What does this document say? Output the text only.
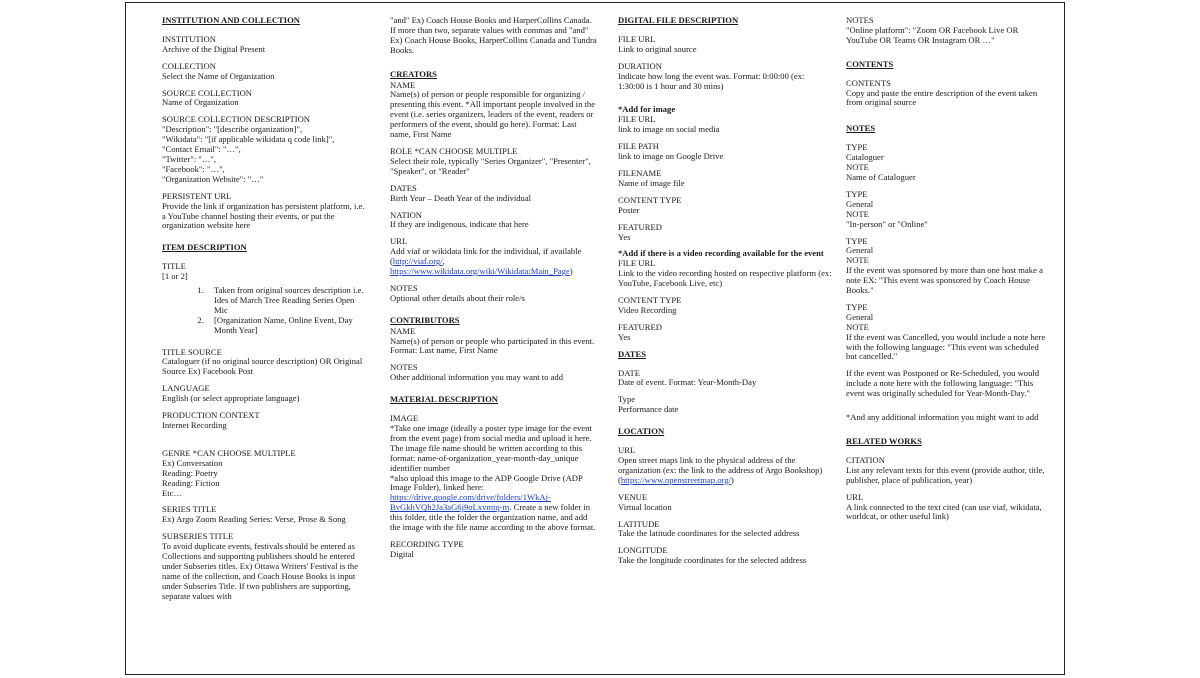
INSTITUTION AND COLLECTION
INSTITUTION
Archive of the Digital Present
COLLECTION
Select the Name of Organization
SOURCE COLLECTION
Name of Organization
SOURCE COLLECTION DESCRIPTION
"Description": "[describe organization]",
"Wikidata": "[if applicable wikidata q code link]",
"Contact Email": "…",
"Twitter": "…",
"Facebook": "…",
"Organization Website": "…"
PERSISTENT URL
Provide the link if organization has persistent platform, i.e. a YouTube channel hosting their events, or put the organization website here
ITEM DESCRIPTION
TITLE
[1 or 2]
1. Taken from original sources description i.e. Ides of March Tree Reading Series Open Mic
2. [Organization Name, Online Event, Day Month Year]
TITLE SOURCE
Cataloguer (if no original source description) OR Original Source Ex) Facebook Post
LANGUAGE
English (or select appropriate language)
PRODUCTION CONTEXT
Internet Recording
GENRE *CAN CHOOSE MULTIPLE
Ex) Conversation
Reading: Poetry
Reading: Fiction
Etc…
SERIES TITLE
Ex) Argo Zoom Reading Series: Verse, Prose & Song
SUBSERIES TITLE
To avoid duplicate events, festivals should be entered as Collections and supporting publishers should be entered under Subseries titles. Ex) Ottawa Writers' Festival is the name of the collection, and Coach House Books is input under Subseries Title. If two publishers are supporting, separate values with
"and" Ex) Coach House Books and HarperCollins Canada. If more than two, separate values with commas and "and" Ex) Coach House Books, HarperCollins Canada and Tundra Books.
CREATORS
NAME
Name(s) of person or people responsible for organizing / presenting this event. *All important people involved in the event (i.e. series organizers, leaders of the event, readers or performers of the event, should go here). Format: Last name, First Name
ROLE *CAN CHOOSE MULTIPLE
Select their role, typically "Series Organizer", "Presenter", "Speaker", or "Reader"
DATES
Birth Year – Death Year of the individual
NATION
If they are indigenous, indicate that here
URL
Add viaf or wikidata link for the individual, if available (http://viaf.org/,
https://www.wikidata.org/wiki/Wikidata:Main_Page)
NOTES
Optional other details about their role/s
CONTRIBUTORS
NAME
Name(s) of person or people who participated in this event. Format: Last name, First Name
NOTES
Other additional information you may want to add
MATERIAL DESCRIPTION
IMAGE
*Take one image (ideally a poster type image for the event from the event page) from social media and upload it here. The image file name should be written according to this format: name-of-organization_year-month-day_unique identifier number
*also upload this image to the ADP Google Drive (ADP Image Folder), linked here: https://drive.google.com/drive/folders/1WkAj-BvGkhVQh2Ja3aG6j9oLxvmtq-m. Create a new folder in this folder, title the folder the organization name, and add the image with the file name according to the above format.
RECORDING TYPE
Digital
DIGITAL FILE DESCRIPTION
FILE URL
Link to original source
DURATION
Indicate how long the event was. Format: 0:00:00 (ex: 1:30:00 is 1 hour and 30 mins)
*Add for image
FILE URL
link to image on social media
FILE PATH
link to image on Google Drive
FILENAME
Name of image file
CONTENT TYPE
Poster
FEATURED
Yes
*Add if there is a video recording available for the event
FILE URL
Link to the video recording hosted on respective platform (ex: YouTube, Facebook Live, etc)
CONTENT TYPE
Video Recording
FEATURED
Yes
DATES
DATE
Date of event. Format: Year-Month-Day
Type
Performance date
LOCATION
URL
Open street maps link to the physical address of the organization (ex: the link to the address of Argo Bookshop) (https://www.openstreetmap.org/)
VENUE
Virtual location
LATITUDE
Take the latitude coordinates for the selected address
LONGITUDE
Take the longitude coordinates for the selected address
NOTES
"Online platform": "Zoom OR Facebook Live OR YouTube OR Teams OR Instagram OR …"
CONTENTS
CONTENTS
Copy and paste the entire description of the event taken from original source
NOTES
TYPE
Cataloguer
NOTE
Name of Cataloguer
TYPE
General
NOTE
"In-person" or "Online"
TYPE
General
NOTE
If the event was sponsored by more than one host make a note EX: "This event was sponsored by Coach House Books."
TYPE
General
NOTE
If the event was Cancelled, you would include a note here with the following language: "This event was scheduled but cancelled."
If the event was Postponed or Re-Scheduled, you would include a note here with the following language: "This event was originally scheduled for Year-Month-Day."
*And any additional information you might want to add
RELATED WORKS
CITATION
List any relevant texts for this event (provide author, title, publisher, place of publication, year)
URL
A link connected to the text cited (can use viaf, wikidata, worldcat, or other useful link)
